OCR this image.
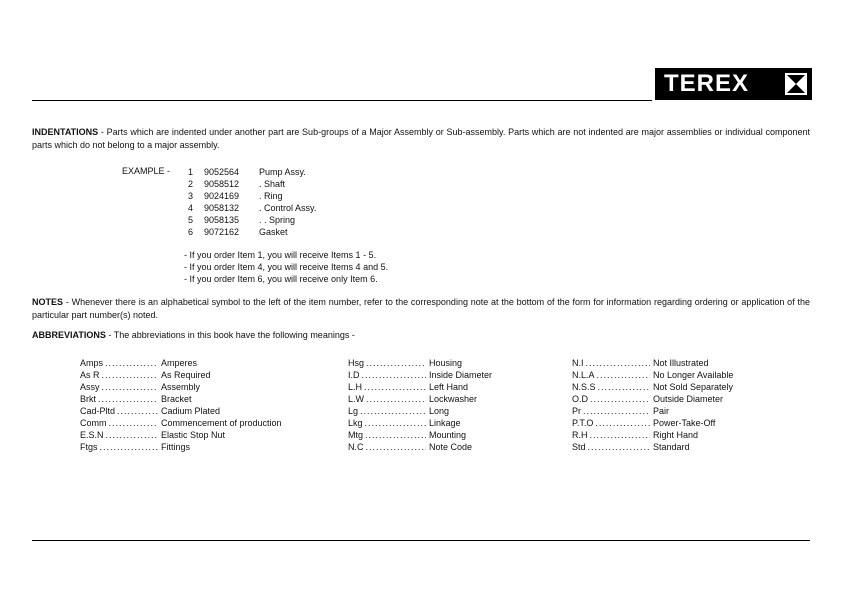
TEREX

INDENTATIONS - Parts which are indented under another part are Sub-groups of a Major Assembly or Sub-assembly. Parts which are not indented are major assemblies or individual component parts which do not belong to a major assembly.

EXAMPLE - 1	9052564	Pump Assy.
2	9058512	. Shaft
3	9024169	. Ring
4	9058132	. Control Assy.
5	9058135	. . Spring
6	9072162	Gasket
- If you order Item 1, you will receive Items 1 - 5.
- If you order Item 4, you will receive Items 4 and 5.
- If you order Item 6, you will receive only Item 6.

NOTES - Whenever there is an alphabetical symbol to the left of the item number, refer to the corresponding note at the bottom of the form for information regarding ordering or application of the particular part number(s) noted.

ABBREVIATIONS - The abbreviations in this book have the following meanings -

Amps .....	Amperes
As R .....	As Required
Assy .....	Assembly
Brkt .....	Bracket
Cad-Pltd .....	Cadium Plated
Comm .....	Commencement of production
E.S.N .....	Elastic Stop Nut
Ftgs .....	Fittings
Hsg .....	Housing
I.D .....	Inside Diameter
L.H .....	Left Hand
L.W .....	Lockwasher
Lg .....	Long
Lkg .....	Linkage
Mtg .....	Mounting
N.C .....	Note Code
N.I .....	Not Illustrated
N.L.A .....	No Longer Available
N.S.S .....	Not Sold Separately
O.D .....	Outside Diameter
Pr .....	Pair
P.T.O .....	Power-Take-Off
R.H .....	Right Hand
Std .....	Standard
